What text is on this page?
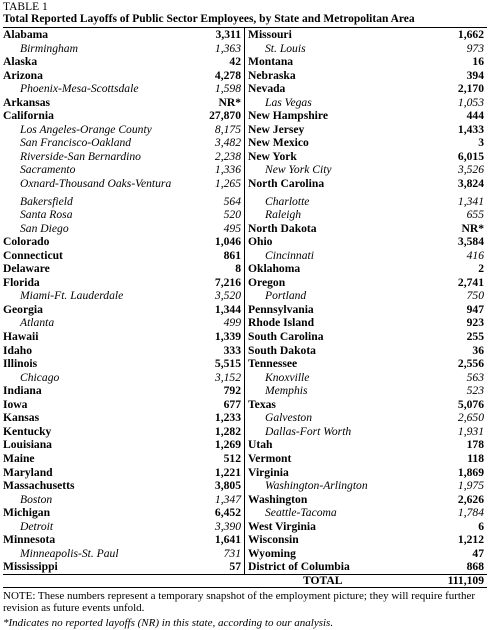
TABLE 1
Total Reported Layoffs of Public Sector Employees, by State and Metropolitan Area
Alabama	3,311
Birmingham	1,363
Alaska	42
Arizona	4,278
Phoenix-Mesa-Scottsdale	1,598
Arkansas	NR*
California	27,870
Los Angeles-Orange County	8,175
San Francisco-Oakland	3,482
Riverside-San Bernardino	2,238
Sacramento	1,336
Oxnard-Thousand Oaks-Ventura	1,265
Bakersfield	564
Santa Rosa	520
San Diego	495
Colorado	1,046
Connecticut	861
Delaware	8
Florida	7,216
Miami-Ft. Lauderdale	3,520
Georgia	1,344
Atlanta	499
Hawaii	1,339
Idaho	333
Illinois	5,515
Chicago	3,152
Indiana	792
Iowa	677
Kansas	1,233
Kentucky	1,282
Louisiana	1,269
Maine	512
Maryland	1,221
Massachusetts	3,805
Boston	1,347
Michigan	6,452
Detroit	3,390
Minnesota	1,641
Minneapolis-St. Paul	731
Mississippi	57
Missouri	1,662
St. Louis	973
Montana	16
Nebraska	394
Nevada	2,170
Las Vegas	1,053
New Hampshire	444
New Jersey	1,433
New Mexico	3
New York	6,015
New York City	3,526
North Carolina	3,824
Charlotte	1,341
Raleigh	655
North Dakota	NR*
Ohio	3,584
Cincinnati	416
Oklahoma	2
Oregon	2,741
Portland	750
Pennsylvania	947
Rhode Island	923
South Carolina	255
South Dakota	36
Tennessee	2,556
Knoxville	563
Memphis	523
Texas	5,076
Galveston	2,650
Dallas-Fort Worth	1,931
Utah	178
Vermont	118
Virginia	1,869
Washington-Arlington	1,975
Washington	2,626
Seattle-Tacoma	1,784
West Virginia	6
Wisconsin	1,212
Wyoming	47
District of Columbia	868
TOTAL	111,109
NOTE: These numbers represent a temporary snapshot of the employment picture; they will require further revision as future events unfold.
*Indicates no reported layoffs (NR) in this state, according to our analysis.
